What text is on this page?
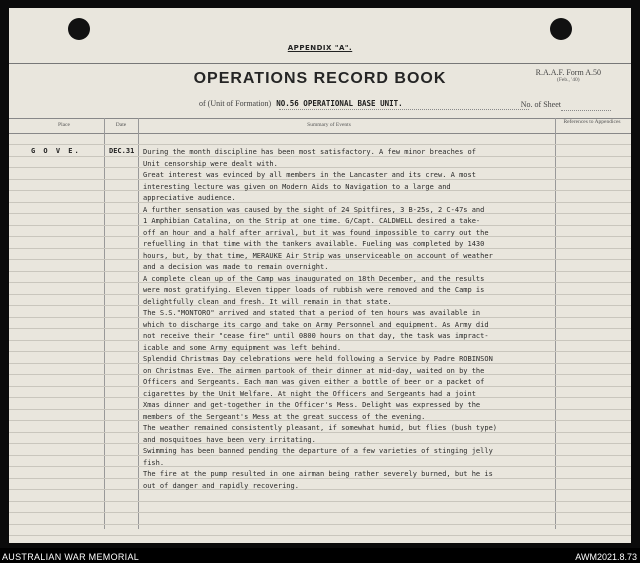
APPENDIX "A".
OPERATIONS RECORD BOOK	R.A.A.F. Form A.50
(Feb., '40)
of (Unit of Formation) NO.56 OPERATIONAL BASE UNIT.	No. of Sheet
Place	Date	Summary of Events	References to Appendices
G O V E.	DEC.31 During the month discipline has been most satisfactory. A few minor breaches of
Unit censorship were dealt with.
Great interest was evinced by all members in the Lancaster and its crew. A most
interesting lecture was given on Modern Aids to Navigation to a large and
appreciative audience.
A further sensation was caused by the sight of 24 Spitfires, 3 B-25s, 2 C-47s and
1 Amphibian Catalina, on the Strip at one time. G/Capt. CALDWELL desired a take-
off an hour and a half after arrival, but it was found impossible to carry out the
refuelling in that time with the tankers available. Fueling was completed by 1430
hours, but, by that time, MERAUKE Air Strip was unserviceable on account of weather
and a decision was made to remain overnight.
A complete clean up of the Camp was inaugurated on 18th December, and the results
were most gratifying. Eleven tipper loads of rubbish were removed and the Camp is
delightfully clean and fresh. It will remain in that state.
The S.S."MONTORO" arrived and stated that a period of ten hours was available in
which to discharge its cargo and take on Army Personnel and equipment. As Army did
not receive their "cease fire" until 0800 hours on that day, the task was impract-
icable and some Army equipment was left behind.
Splendid Christmas Day celebrations were held following a Service by Padre ROBINSON
on Christmas Eve. The airmen partook of their dinner at mid-day, waited on by the
Officers and Sergeants. Each man was given either a bottle of beer or a packet of
cigarettes by the Unit Welfare. At night the Officers and Sergeants had a joint
Xmas dinner and get-together in the Officer's Mess. Delight was expressed by the
members of the Sergeant's Mess at the great success of the evening.
The weather remained consistently pleasant, if somewhat humid, but flies (bush type)
and mosquitoes have been very irritating.
Swimming has been banned pending the departure of a few varieties of stinging jelly
fish.
The fire at the pump resulted in one airman being rather severely burned, but he is
out of danger and rapidly recovering.
AUSTRALIAN WAR MEMORIAL	AWM2021.8.73
